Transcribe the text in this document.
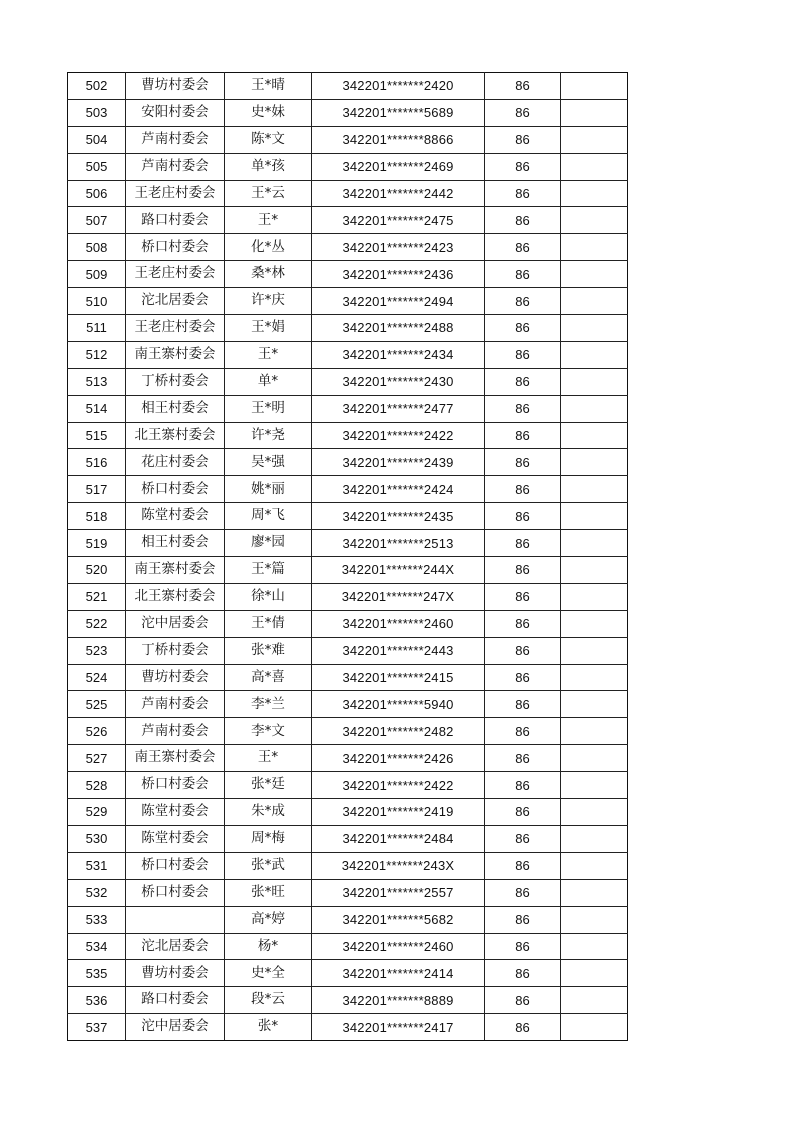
502	曹坊村委会	王*晴	342201*******2420	86	
503	安阳村委会	史*妹	342201*******5689	86	
504	芦南村委会	陈*文	342201*******8866	86	
505	芦南村委会	单*孩	342201*******2469	86	
506	王老庄村委会	王*云	342201*******2442	86	
507	路口村委会	王*	342201*******2475	86	
508	桥口村委会	化*丛	342201*******2423	86	
509	王老庄村委会	桑*林	342201*******2436	86	
510	沱北居委会	许*庆	342201*******2494	86	
511	王老庄村委会	王*娟	342201*******2488	86	
512	南王寨村委会	王*	342201*******2434	86	
513	丁桥村委会	单*	342201*******2430	86	
514	相王村委会	王*明	342201*******2477	86	
515	北王寨村委会	许*尧	342201*******2422	86	
516	花庄村委会	吴*强	342201*******2439	86	
517	桥口村委会	姚*丽	342201*******2424	86	
518	陈堂村委会	周*飞	342201*******2435	86	
519	相王村委会	廖*园	342201*******2513	86	
520	南王寨村委会	王*篇	342201*******244X	86	
521	北王寨村委会	徐*山	342201*******247X	86	
522	沱中居委会	王*倩	342201*******2460	86	
523	丁桥村委会	张*难	342201*******2443	86	
524	曹坊村委会	高*喜	342201*******2415	86	
525	芦南村委会	李*兰	342201*******5940	86	
526	芦南村委会	李*文	342201*******2482	86	
527	南王寨村委会	王*	342201*******2426	86	
528	桥口村委会	张*廷	342201*******2422	86	
529	陈堂村委会	朱*成	342201*******2419	86	
530	陈堂村委会	周*梅	342201*******2484	86	
531	桥口村委会	张*武	342201*******243X	86	
532	桥口村委会	张*旺	342201*******2557	86	
533		高*婷	342201*******5682	86	
534	沱北居委会	杨*	342201*******2460	86	
535	曹坊村委会	史*全	342201*******2414	86	
536	路口村委会	段*云	342201*******8889	86	
537	沱中居委会	张*	342201*******2417	86	
